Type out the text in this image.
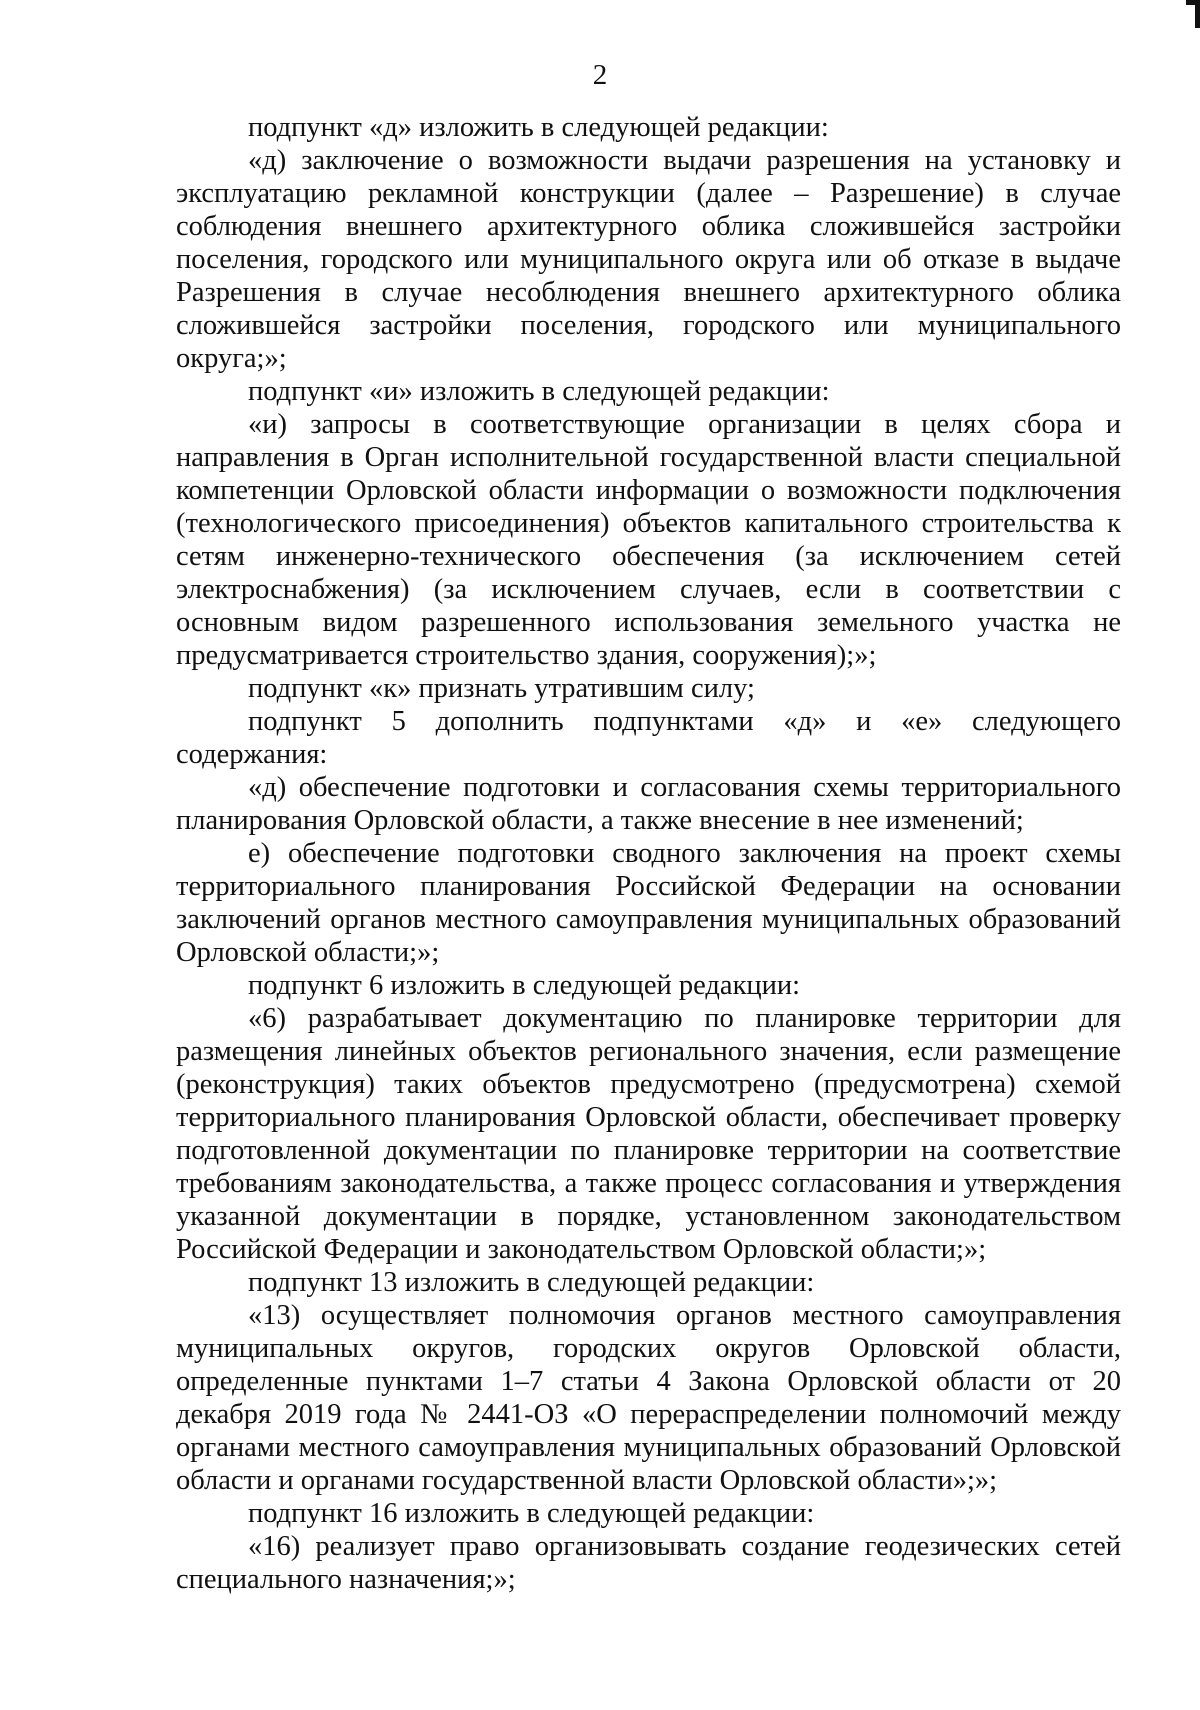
2

подпункт «д» изложить в следующей редакции:

«д) заключение о возможности выдачи разрешения на установку и эксплуатацию рекламной конструкции (далее – Разрешение) в случае соблюдения внешнего архитектурного облика сложившейся застройки поселения, городского или муниципального округа или об отказе в выдаче Разрешения в случае несоблюдения внешнего архитектурного облика сложившейся застройки поселения, городского или муниципального округа;»;

подпункт «и» изложить в следующей редакции:

«и) запросы в соответствующие организации в целях сбора и направления в Орган исполнительной государственной власти специальной компетенции Орловской области информации о возможности подключения (технологического присоединения) объектов капитального строительства к сетям инженерно-технического обеспечения (за исключением сетей электроснабжения) (за исключением случаев, если в соответствии с основным видом разрешенного использования земельного участка не предусматривается строительство здания, сооружения);»;

подпункт «к» признать утратившим силу;

подпункт 5 дополнить подпунктами «д» и «е» следующего содержания:

«д) обеспечение подготовки и согласования схемы территориального планирования Орловской области, а также внесение в нее изменений;

е) обеспечение подготовки сводного заключения на проект схемы территориального планирования Российской Федерации на основании заключений органов местного самоуправления муниципальных образований Орловской области;»;

подпункт 6 изложить в следующей редакции:

«6) разрабатывает документацию по планировке территории для размещения линейных объектов регионального значения, если размещение (реконструкция) таких объектов предусмотрено (предусмотрена) схемой территориального планирования Орловской области, обеспечивает проверку подготовленной документации по планировке территории на соответствие требованиям законодательства, а также процесс согласования и утверждения указанной документации в порядке, установленном законодательством Российской Федерации и законодательством Орловской области;»;

подпункт 13 изложить в следующей редакции:

«13) осуществляет полномочия органов местного самоуправления муниципальных округов, городских округов Орловской области, определенные пунктами 1–7 статьи 4 Закона Орловской области от 20 декабря 2019 года № 2441-ОЗ «О перераспределении полномочий между органами местного самоуправления муниципальных образований Орловской области и органами государственной власти Орловской области»;»;

подпункт 16 изложить в следующей редакции:

«16) реализует право организовывать создание геодезических сетей специального назначения;»;
